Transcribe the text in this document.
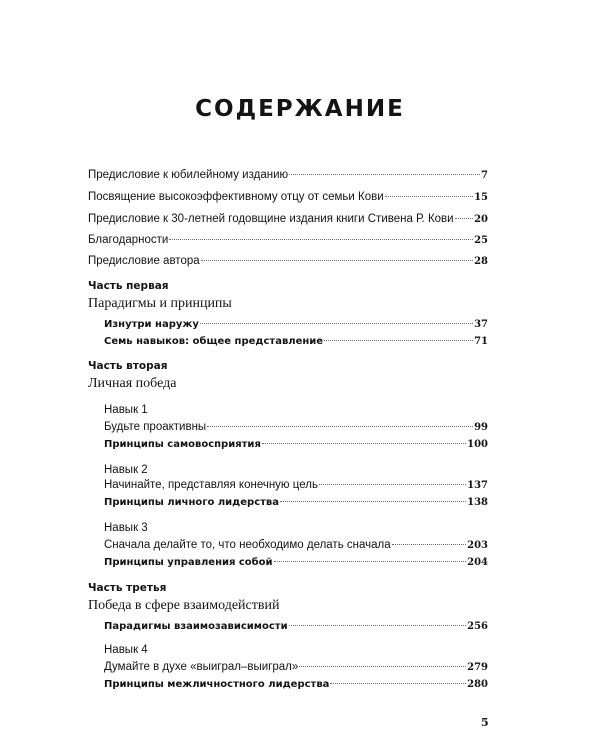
СОДЕРЖАНИЕ
Предисловие к юбилейному изданию	7
Посвящение высокоэффективному отцу от семьи Кови	15
Предисловие к 30-летней годовщине издания книги Стивена Р. Кови 20
Благодарности	25
Предисловие автора	28
Часть первая
Парадигмы и принципы
Изнутри наружу	37
Семь навыков: общее представление	71
Часть вторая
Личная победа
Навык 1
Будьте проактивны	99
Принципы самовосприятия	100
Навык 2
Начинайте, представляя конечную цель	137
Принципы личного лидерства	138
Навык 3
Сначала делайте то, что необходимо делать сначала	203
Принципы управления собой	204
Часть третья
Победа в сфере взаимодействий
Парадигмы взаимозависимости	256
Навык 4
Думайте в духе «выиграл–выиграл»	279
Принципы межличностного лидерства	280
5
